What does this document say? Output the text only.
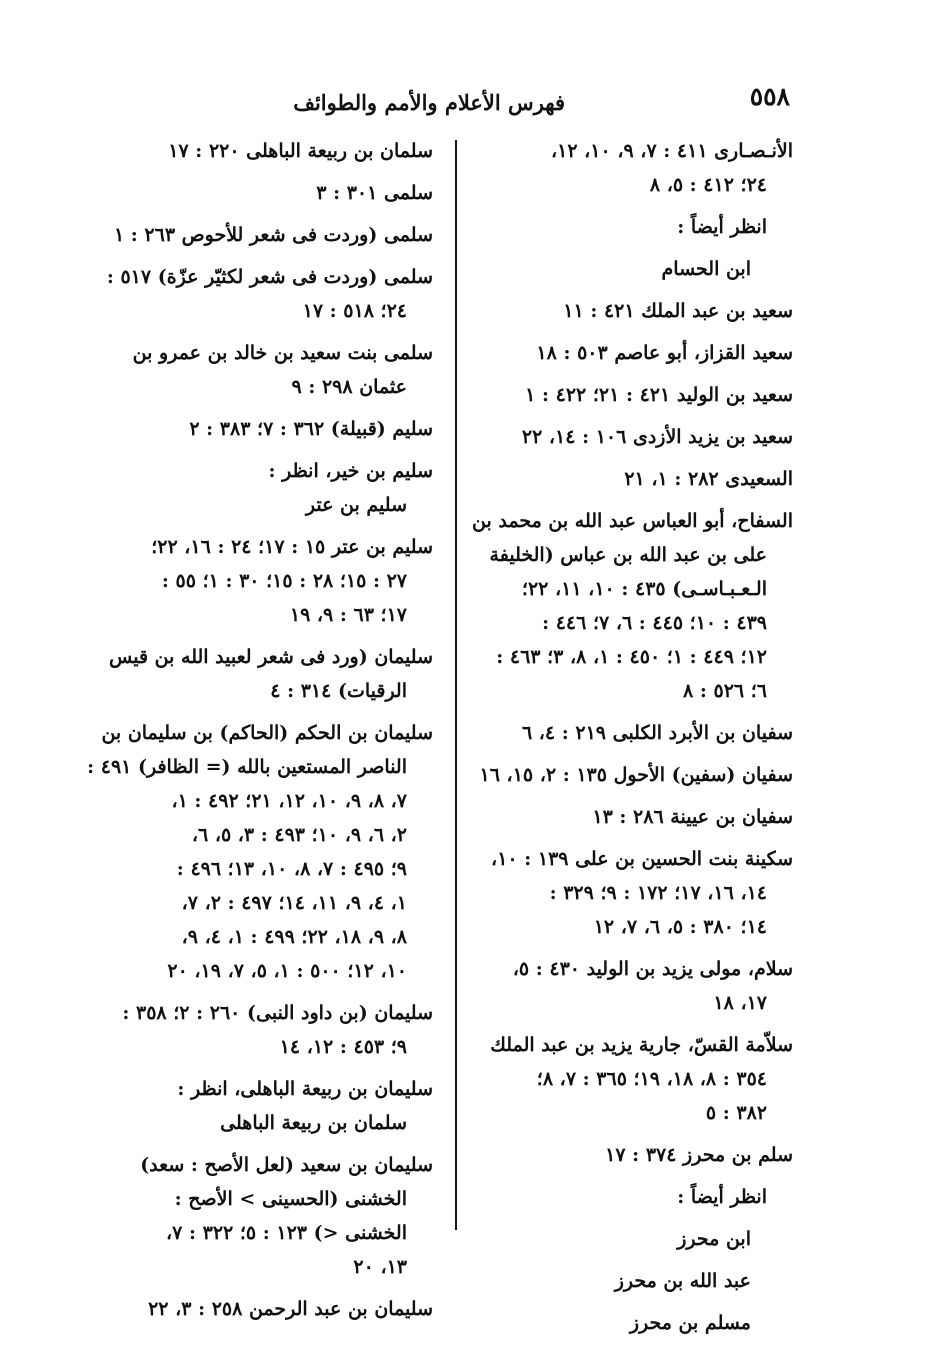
٥٥٨
فهرس الأعلام والأمم والطوائف
الأنـصـارى ٤١١ : ٧، ٩، ١٠، ١٢،
٢٤؛ ٤١٢ : ٥، ٨
انظر أيضاً :
ابن الحسام
سعيد بن عبد الملك ٤٢١ : ١١
سعيد القزاز، أبو عاصم ٥٠٣ : ١٨
سعيد بن الوليد ٤٢١ : ٢١؛ ٤٢٢ : ١
سعيد بن يزيد الأزدى ١٠٦ : ١٤، ٢٢
السعيدى ٢٨٢ : ١، ٢١
السفاح، أبو العباس عبد الله بن محمد بن
على بن عبد الله بن عباس (الخليفة
الـعـبـاسـى) ٤٣٥ : ١٠، ١١، ٢٢؛
٤٣٩ : ١٠؛ ٤٤٥ : ٦، ٧؛ ٤٤٦ :
١٢؛ ٤٤٩ : ١؛ ٤٥٠ : ١، ٨، ٣؛ ٤٦٣ :
٦؛ ٥٢٦ : ٨
سفيان بن الأبرد الكلبى ٢١٩ : ٤، ٦
سفيان (سفين) الأحول ١٣٥ : ٢، ١٥، ١٦
سفيان بن عيينة ٢٨٦ : ١٣
سكينة بنت الحسين بن على ١٣٩ : ١٠،
١٤، ١٦، ١٧؛ ١٧٢ : ٩؛ ٣٢٩ :
١٤؛ ٣٨٠ : ٥، ٦، ٧، ١٢
سلام، مولى يزيد بن الوليد ٤٣٠ : ٥،
١٧، ١٨
سلاّمة القسّ، جارية يزيد بن عبد الملك
٣٥٤ : ٨، ١٨، ١٩؛ ٣٦٥ : ٧، ٨؛
٣٨٢ : ٥
سلم بن محرز ٣٧٤ : ١٧
انظر أيضاً :
ابن محرز
عبد الله بن محرز
مسلم بن محرز
سلمان بن ربيعة الباهلى ٢٢٠ : ١٧
سلمى ٣٠١ : ٣
سلمى (وردت فى شعر للأحوص ٢٦٣ : ١
سلمى (وردت فى شعر لكثيّر عزّة) ٥١٧ :
٢٤؛ ٥١٨ : ١٧
سلمى بنت سعيد بن خالد بن عمرو بن
عثمان ٢٩٨ : ٩
سليم (قبيلة) ٣٦٢ : ٧؛ ٣٨٣ : ٢
سليم بن خير، انظر :
سليم بن عتر
سليم بن عتر ١٥ : ١٧؛ ٢٤ : ١٦، ٢٢؛
٢٧ : ١٥؛ ٢٨ : ١٥؛ ٣٠ : ١؛ ٥٥ :
١٧؛ ٦٣ : ٩، ١٩
سليمان (ورد فى شعر لعبيد الله بن قيس
الرقيات) ٣١٤ : ٤
سليمان بن الحكم (الحاكم) بن سليمان بن
الناصر المستعين بالله (= الظافر) ٤٩١ :
٧، ٨، ٩، ١٠، ١٢، ٢١؛ ٤٩٢ : ١،
٢، ٦، ٩، ١٠؛ ٤٩٣ : ٣، ٥، ٦،
٩؛ ٤٩٥ : ٧، ٨، ١٠، ١٣؛ ٤٩٦ :
١، ٤، ٩، ١١، ١٤؛ ٤٩٧ : ٢، ٧،
٨، ٩، ١٨، ٢٢؛ ٤٩٩ : ١، ٤، ٩،
١٠، ١٢؛ ٥٠٠ : ١، ٥، ٧، ١٩، ٢٠
سليمان (بن داود النبى) ٢٦٠ : ٢؛ ٣٥٨ :
٩؛ ٤٥٣ : ١٢، ١٤
سليمان بن ربيعة الباهلى، انظر :
سلمان بن ربيعة الباهلى
سليمان بن سعيد (لعل الأصح : سعد)
الخشنى (الحسينى > الأصح :
الخشنى <) ١٢٣ : ٥؛ ٣٢٢ : ٧،
١٣، ٢٠
سليمان بن عبد الرحمن ٢٥٨ : ٣، ٢٢
